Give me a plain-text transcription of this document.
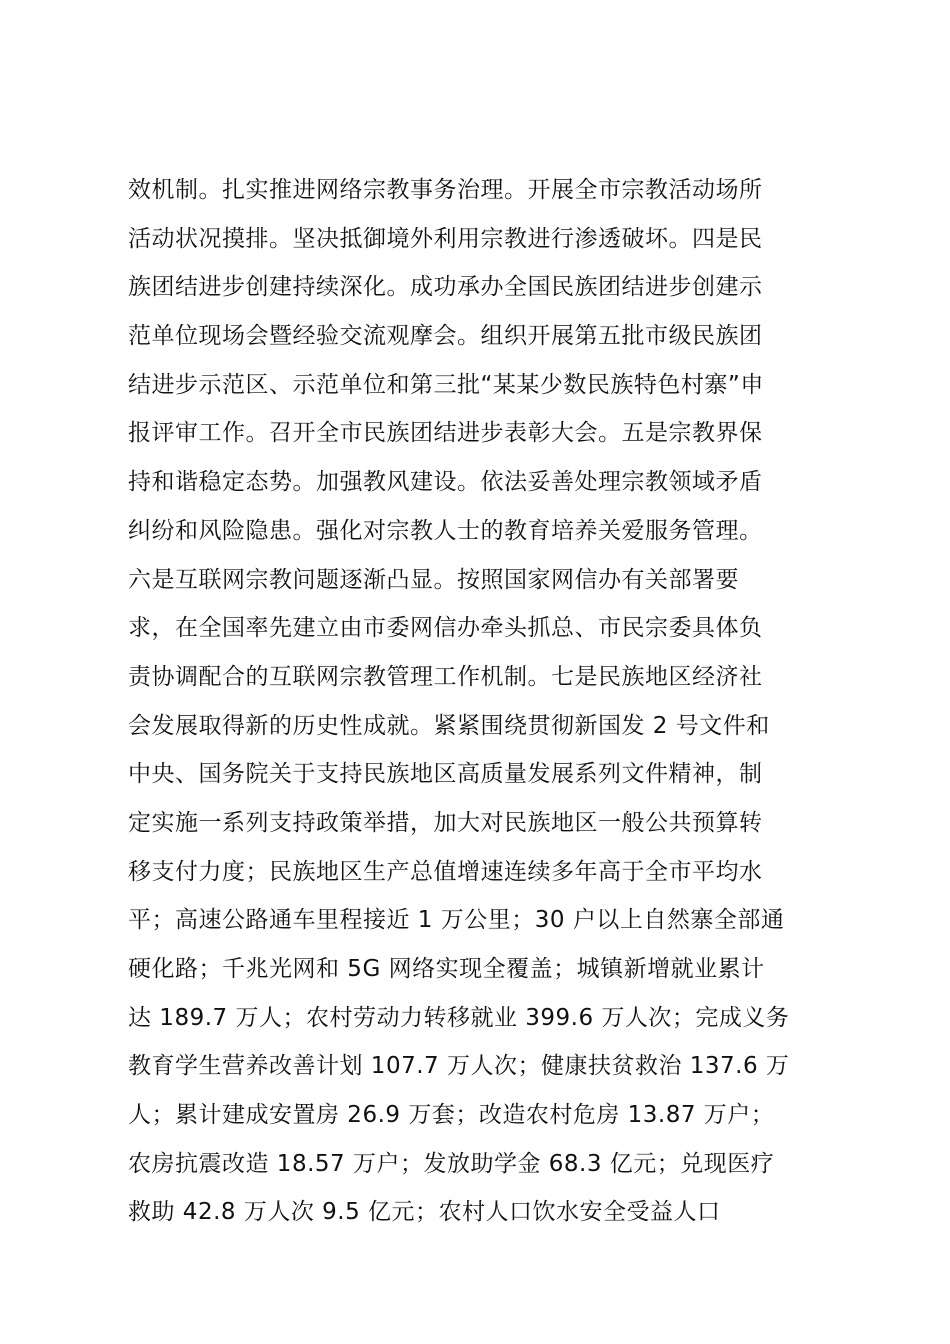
效机制。扎实推进网络宗教事务治理。开展全市宗教活动场所
活动状况摸排。坚决抵御境外利用宗教进行渗透破坏。四是民
族团结进步创建持续深化。成功承办全国民族团结进步创建示
范单位现场会暨经验交流观摩会。组织开展第五批市级民族团
结进步示范区、示范单位和第三批“某某少数民族特色村寨”申
报评审工作。召开全市民族团结进步表彰大会。五是宗教界保
持和谐稳定态势。加强教风建设。依法妥善处理宗教领域矛盾
纠纷和风险隐患。强化对宗教人士的教育培养关爱服务管理。
六是互联网宗教问题逐渐凸显。按照国家网信办有关部署要
求，在全国率先建立由市委网信办牵头抓总、市民宗委具体负
责协调配合的互联网宗教管理工作机制。七是民族地区经济社
会发展取得新的历史性成就。紧紧围绕贯彻新国发 2 号文件和
中央、国务院关于支持民族地区高质量发展系列文件精神，制
定实施一系列支持政策举措，加大对民族地区一般公共预算转
移支付力度；民族地区生产总值增速连续多年高于全市平均水
平；高速公路通车里程接近 1 万公里；30 户以上自然寨全部通
硬化路；千兆光网和 5G 网络实现全覆盖；城镇新增就业累计
达 189.7 万人；农村劳动力转移就业 399.6 万人次；完成义务
教育学生营养改善计划 107.7 万人次；健康扶贫救治 137.6 万
人；累计建成安置房 26.9 万套；改造农村危房 13.87 万户；
农房抗震改造 18.57 万户；发放助学金 68.3 亿元；兑现医疗
救助 42.8 万人次 9.5 亿元；农村人口饮水安全受益人口
